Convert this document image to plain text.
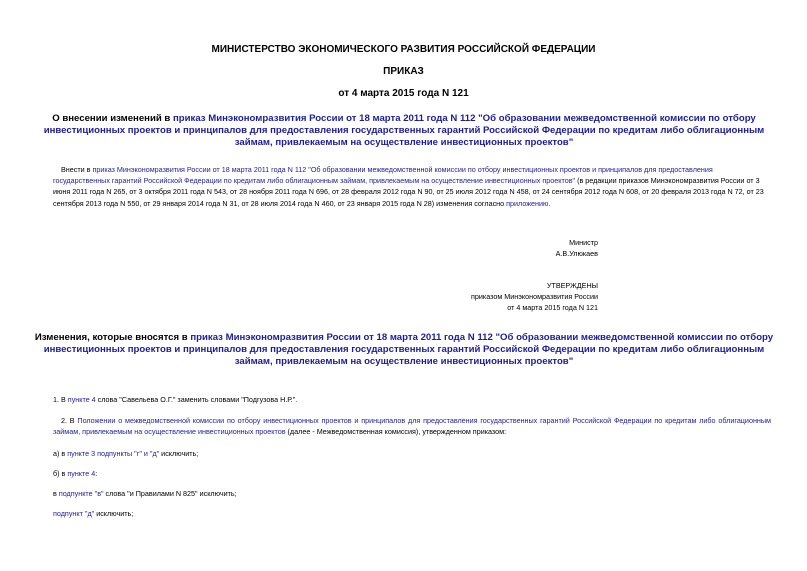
МИНИСТЕРСТВО ЭКОНОМИЧЕСКОГО РАЗВИТИЯ РОССИЙСКОЙ ФЕДЕРАЦИИ
ПРИКАЗ
от 4 марта 2015 года N 121
О внесении изменений в приказ Минэкономразвития России от 18 марта 2011 года N 112 "Об образовании межведомственной комиссии по отбору инвестиционных проектов и принципалов для предоставления государственных гарантий Российской Федерации по кредитам либо облигационным займам, привлекаемым на осуществление инвестиционных проектов"
Внести в приказ Минэкономразвития России от 18 марта 2011 года N 112 "Об образовании межведомственной комиссии по отбору инвестиционных проектов и принципалов для предоставления государственных гарантий Российской Федерации по кредитам либо облигационным займам, привлекаемым на осуществление инвестиционных проектов" (в редакции приказов Минэкономразвития России от 3 июня 2011 года N 265, от 3 октября 2011 года N 543, от 28 ноября 2011 года N 696, от 28 февраля 2012 года N 90, от 25 июля 2012 года N 458, от 24 сентября 2012 года N 608, от 20 февраля 2013 года N 72, от 23 сентября 2013 года N 550, от 29 января 2014 года N 31, от 28 июля 2014 года N 460, от 23 января 2015 года N 28) изменения согласно приложению.
Министр
А.В.Улюкаев
УТВЕРЖДЕНЫ
приказом Минэкономразвития России
от 4 марта 2015 года N 121
Изменения, которые вносятся в приказ Минэкономразвития России от 18 марта 2011 года N 112 "Об образовании межведомственной комиссии по отбору инвестиционных проектов и принципалов для предоставления государственных гарантий Российской Федерации по кредитам либо облигационным займам, привлекаемым на осуществление инвестиционных проектов"
1. В пункте 4 слова "Савельева О.Г." заменить словами "Подгузова Н.Р.".
2. В Положении о межведомственной комиссии по отбору инвестиционных проектов и принципалов для предоставления государственных гарантий Российской Федерации по кредитам либо облигационным займам, привлекаемым на осуществление инвестиционных проектов (далее - Межведомственная комиссия), утвержденном приказом:
а) в пункте 3 подпункты "г" и "д" исключить;
б) в пункте 4:
в подпункте "в" слова "и Правилами N 825" исключить;
подпункт "д" исключить;
